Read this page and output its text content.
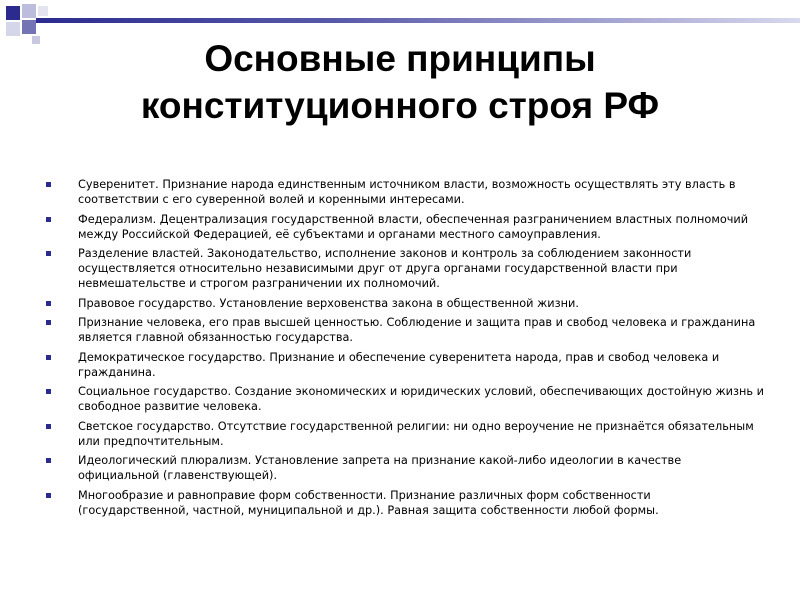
Основные принципы
конституционного строя РФ
Суверенитет. Признание народа единственным источником власти, возможность осуществлять эту власть в соответствии с его суверенной волей и коренными интересами.
Федерализм. Децентрализация государственной власти, обеспеченная разграничением властных полномочий между Российской Федерацией, её субъектами и органами местного самоуправления.
Разделение властей. Законодательство, исполнение законов и контроль за соблюдением законности осуществляется относительно независимыми друг от друга органами государственной власти при невмешательстве и строгом разграничении их полномочий.
Правовое государство. Установление верховенства закона в общественной жизни.
Признание человека, его прав высшей ценностью. Соблюдение и защита прав и свобод человека и гражданина является главной обязанностью государства.
Демократическое государство. Признание и обеспечение суверенитета народа, прав и свобод человека и гражданина.
Социальное государство. Создание экономических и юридических условий, обеспечивающих достойную жизнь и свободное развитие человека.
Светское государство. Отсутствие государственной религии: ни одно вероучение не признаётся обязательным или предпочтительным.
Идеологический плюрализм. Установление запрета на признание какой-либо идеологии в качестве официальной (главенствующей).
Многообразие и равноправие форм собственности. Признание различных форм собственности (государственной, частной, муниципальной и др.). Равная защита собственности любой формы.
